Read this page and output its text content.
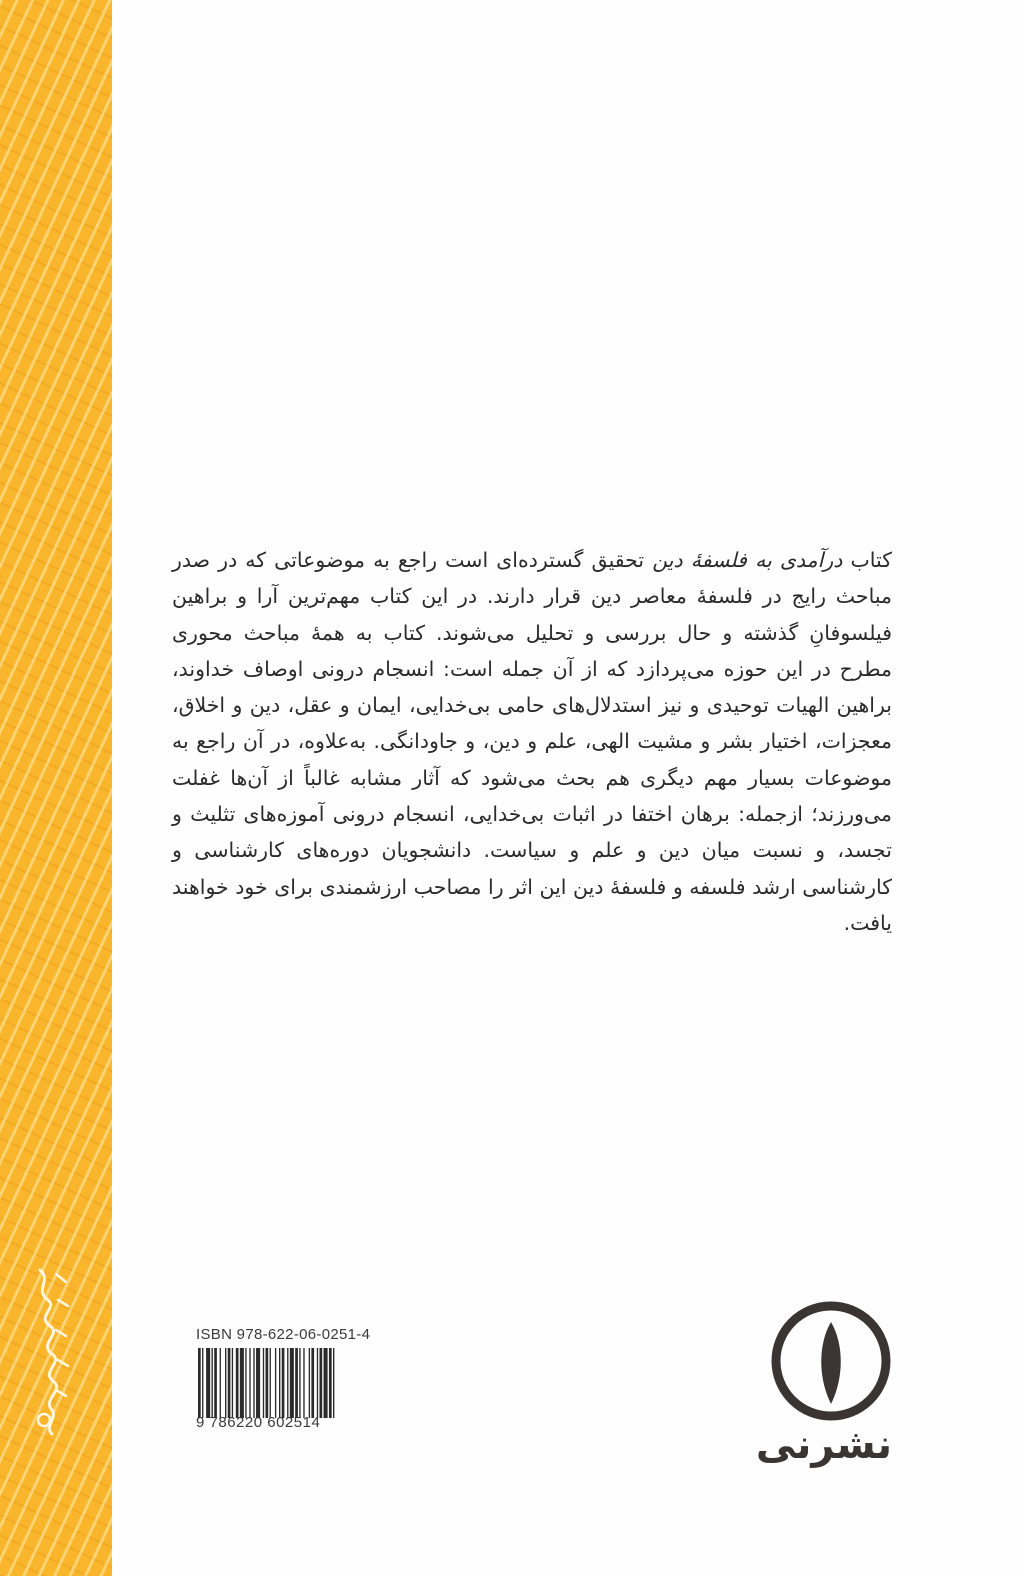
کتاب درآمدی به فلسفهٔ دین تحقیق گسترده‌ای است راجع به موضوعاتی که در صدر مباحث رایج در فلسفهٔ معاصر دین قرار دارند. در این کتاب مهم‌ترین آرا و براهین فیلسوفانِ گذشته و حال بررسی و تحلیل می‌شوند. کتاب به همهٔ مباحث محوری مطرح در این حوزه می‌پردازد که از آن جمله است: انسجام درونی اوصاف خداوند، براهین الهیات توحیدی و نیز استدلال‌های حامی بی‌خدایی، ایمان و عقل، دین و اخلاق، معجزات، اختیار بشر و مشیت الهی، علم و دین، و جاودانگی. به‌علاوه، در آن راجع به موضوعات بسیار مهم دیگری هم بحث می‌شود که آثار مشابه غالباً از آن‌ها غفلت می‌ورزند؛ ازجمله: برهان اختفا در اثبات بی‌خدایی، انسجام درونی آموزه‌های تثلیث و تجسد، و نسبت میان دین و علم و سیاست. دانشجویان دوره‌های کارشناسی و کارشناسی ارشد فلسفه و فلسفهٔ دین این اثر را مصاحب ارزشمندی برای خود خواهند یافت.

ISBN 978-622-06-0251-4
9 786220 602514	نشرنی
